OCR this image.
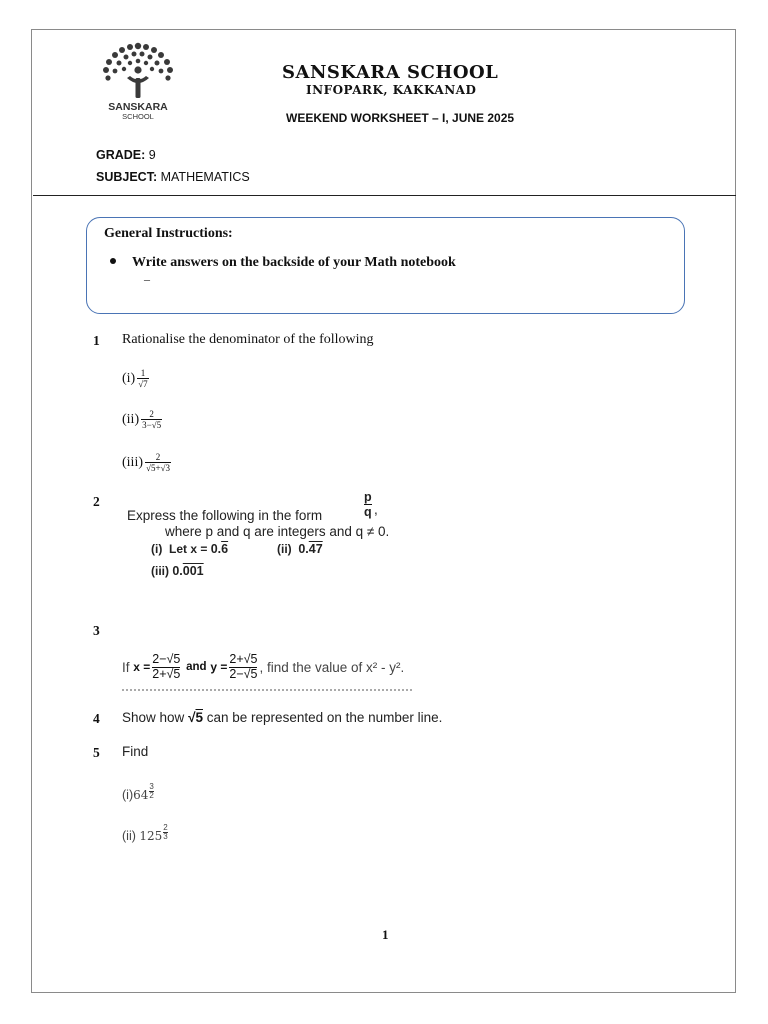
SANSKARA
SCHOOL
SANSKARA SCHOOL
INFOPARK, KAKKANAD
WEEKEND WORKSHEET – I, JUNE 2025
GRADE: 9
SUBJECT: MATHEMATICS
General Instructions:
Write answers on the backside of your Math notebook
–
1 Rationalise the denominator of the following
$(i) \frac{1}{√7}$
$(ii) \frac{2}{3-√5}$
$(iii) \frac{2}{√5+√3}$
2
Express the following in the form	$\frac{p}{q}$ ,
where p and q are integers and q ≠ 0.
(i) Let x = 0.6	(ii) 0.47
(iii) 0.001
3
If
$x = \frac{2-√5}{2+√5}$
and
$y = \frac{2+√5}{2-√5}$ , find the value of x² - y².
4 Show how √5 can be represented on the number line.
5 Find
$(i)64 \frac{3}{2}$
(ii) $125 \frac{2}{3}$
1
